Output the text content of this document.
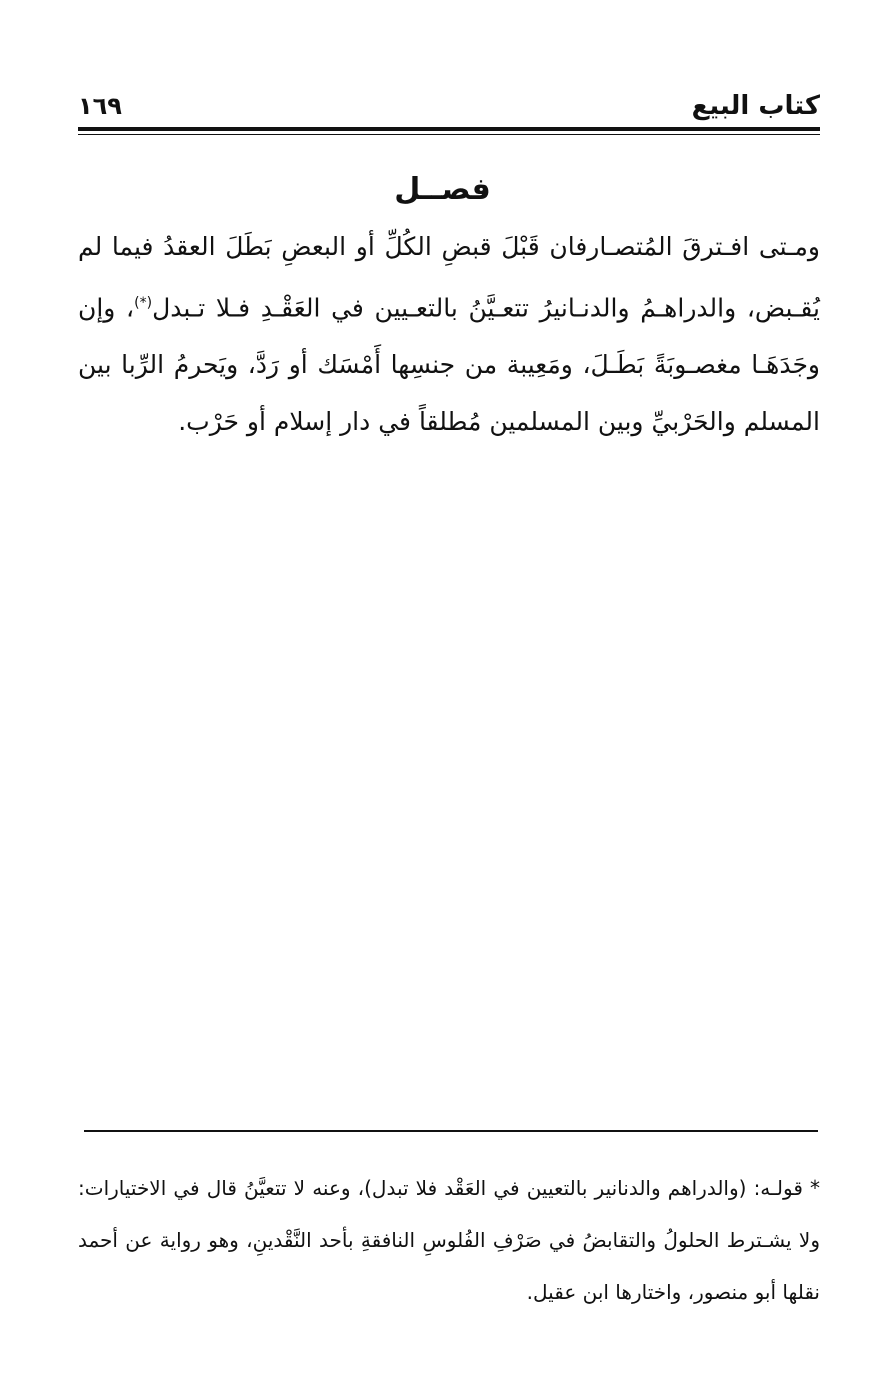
كتاب البيع
١٦٩
فصــل
ومـتى افـترقَ المُتصـارفان قَبْلَ قبضِ الكُلِّ أو البعضِ بَطَلَ العقدُ فيما لم يُقـبض، والدراهـمُ والدنـانيرُ تتعـيَّنُ بالتعـيين في العَقْـدِ فـلا تـبدل(*)، وإن وجَدَهَـا مغصـوبَةً بَطَـلَ، ومَعِيبة من جنسِها أَمْسَك أو رَدَّ، ويَحرمُ الرِّبا بين المسلم والحَرْبيِّ وبين المسلمين مُطلقاً في دار إسلام أو حَرْب.
* قولـه: (والدراهم والدنانير بالتعيين في العَقْد فلا تبدل)، وعنه لا تتعيَّنُ قال في الاختيارات: ولا يشـترط الحلولُ والتقابضُ في صَرْفِ الفُلوسِ النافقةِ بأحد النَّقْدينِ، وهو رواية عن أحمد نقلها أبو منصور، واختارها ابن عقيل.
